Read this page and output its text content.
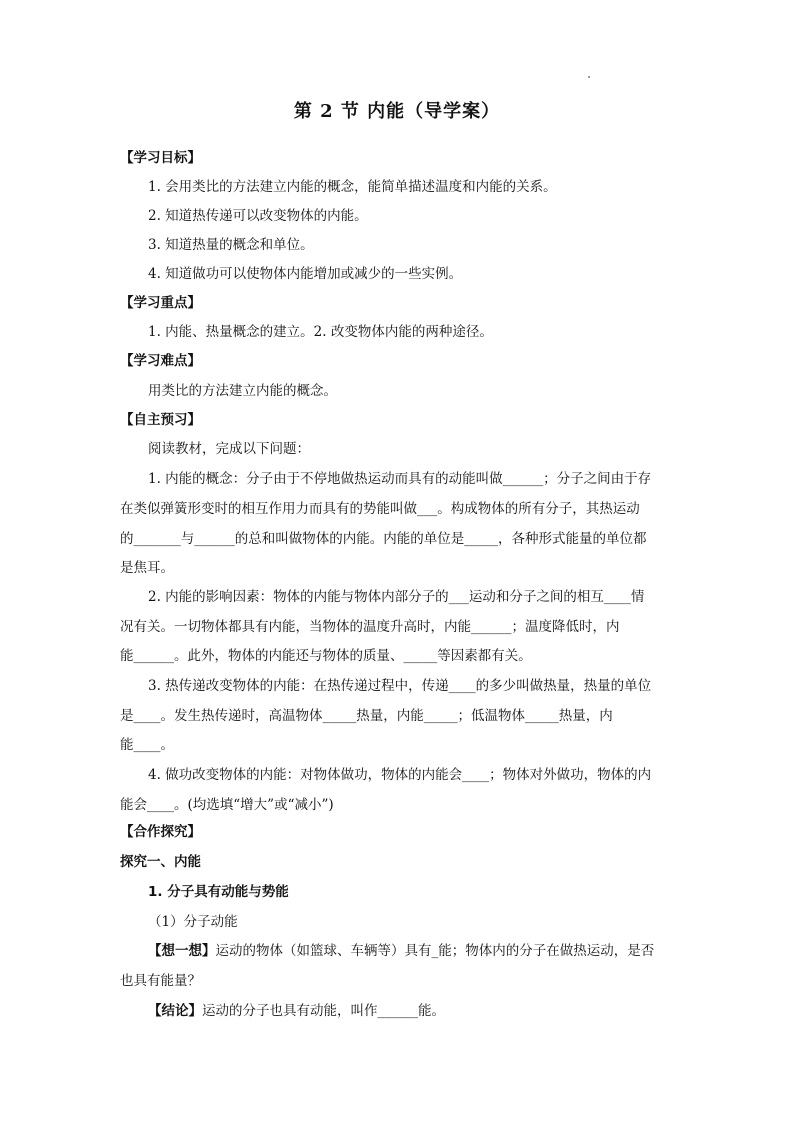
第 2 节 内能（导学案）
【学习目标】
1. 会用类比的方法建立内能的概念，能简单描述温度和内能的关系。
2. 知道热传递可以改变物体的内能。
3. 知道热量的概念和单位。
4. 知道做功可以使物体内能增加或减少的一些实例。
【学习重点】
1. 内能、热量概念的建立。2. 改变物体内能的两种途径。
【学习难点】
用类比的方法建立内能的概念。
【自主预习】
阅读教材，完成以下问题：
1. 内能的概念：分子由于不停地做热运动而具有的动能叫做______；分子之间由于存
在类似弹簧形变时的相互作用力而具有的势能叫做___。构成物体的所有分子，其热运动
的_______与______的总和叫做物体的内能。内能的单位是_____，各种形式能量的单位都
是焦耳。
2. 内能的影响因素：物体的内能与物体内部分子的___运动和分子之间的相互____情
况有关。一切物体都具有内能，当物体的温度升高时，内能______；温度降低时，内
能______。此外，物体的内能还与物体的质量、_____等因素都有关。
3. 热传递改变物体的内能：在热传递过程中，传递____的多少叫做热量，热量的单位
是____。发生热传递时，高温物体_____热量，内能_____；低温物体_____热量，内
能____。
4. 做功改变物体的内能：对物体做功，物体的内能会____；物体对外做功，物体的内
能会____。(均选填“增大”或“减小”)
【合作探究】
探究一、内能
1. 分子具有动能与势能
（1）分子动能
【想一想】运动的物体（如篮球、车辆等）具有_能；物体内的分子在做热运动，是否
也具有能量？
【结论】运动的分子也具有动能，叫作______能。
